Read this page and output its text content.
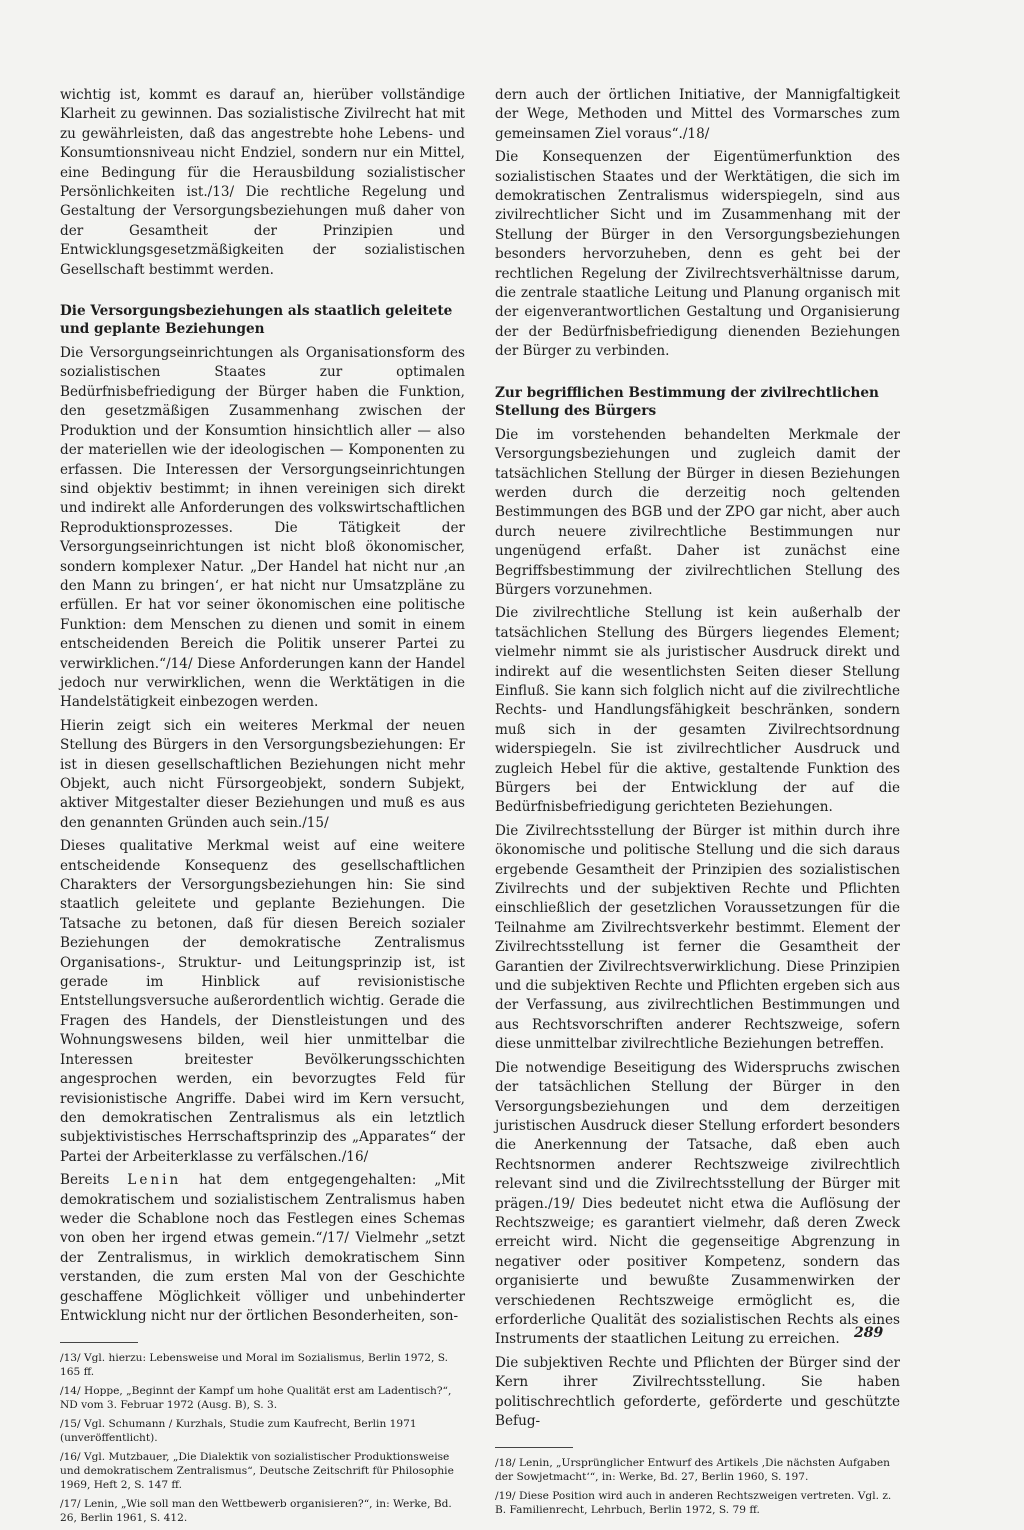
wichtig ist, kommt es darauf an, hierüber vollständige Klarheit zu gewinnen. Das sozialistische Zivilrecht hat mit zu gewährleisten, daß das angestrebte hohe Lebens- und Konsumtionsniveau nicht Endziel, sondern nur ein Mittel, eine Bedingung für die Herausbildung sozialistischer Persönlichkeiten ist./13/ Die rechtliche Regelung und Gestaltung der Versorgungsbeziehungen muß daher von der Gesamtheit der Prinzipien und Entwicklungsgesetzmäßigkeiten der sozialistischen Gesellschaft bestimmt werden.

Die Versorgungsbeziehungen als staatlich geleitete und geplante Beziehungen

Die Versorgungseinrichtungen als Organisationsform des sozialistischen Staates zur optimalen Bedürfnisbefriedigung der Bürger haben die Funktion, den gesetzmäßigen Zusammenhang zwischen der Produktion und der Konsumtion hinsichtlich aller — also der materiellen wie der ideologischen — Komponenten zu erfassen. Die Interessen der Versorgungseinrichtungen sind objektiv bestimmt; in ihnen vereinigen sich direkt und indirekt alle Anforderungen des volkswirtschaftlichen Reproduktionsprozesses. Die Tätigkeit der Versorgungseinrichtungen ist nicht bloß ökonomischer, sondern komplexer Natur. „Der Handel hat nicht nur ‚an den Mann zu bringen‘, er hat nicht nur Umsatzpläne zu erfüllen. Er hat vor seiner ökonomischen eine politische Funktion: dem Menschen zu dienen und somit in einem entscheidenden Bereich die Politik unserer Partei zu verwirklichen.“/14/ Diese Anforderungen kann der Handel jedoch nur verwirklichen, wenn die Werktätigen in die Handelstätigkeit einbezogen werden.

Hierin zeigt sich ein weiteres Merkmal der neuen Stellung des Bürgers in den Versorgungsbeziehungen: Er ist in diesen gesellschaftlichen Beziehungen nicht mehr Objekt, auch nicht Fürsorgeobjekt, sondern Subjekt, aktiver Mitgestalter dieser Beziehungen und muß es aus den genannten Gründen auch sein./15/

Dieses qualitative Merkmal weist auf eine weitere entscheidende Konsequenz des gesellschaftlichen Charakters der Versorgungsbeziehungen hin: Sie sind staatlich geleitete und geplante Beziehungen. Die Tatsache zu betonen, daß für diesen Bereich sozialer Beziehungen der demokratische Zentralismus Organisations-, Struktur- und Leitungsprinzip ist, ist gerade im Hinblick auf revisionistische Entstellungsversuche außerordentlich wichtig. Gerade die Fragen des Handels, der Dienstleistungen und des Wohnungswesens bilden, weil hier unmittelbar die Interessen breitester Bevölkerungsschichten angesprochen werden, ein bevorzugtes Feld für revisionistische Angriffe. Dabei wird im Kern versucht, den demokratischen Zentralismus als ein letztlich subjektivistisches Herrschaftsprinzip des „Apparates“ der Partei der Arbeiterklasse zu verfälschen./16/

Bereits Lenin hat dem entgegengehalten: „Mit demokratischem und sozialistischem Zentralismus haben weder die Schablone noch das Festlegen eines Schemas von oben her irgend etwas gemein.“/17/ Vielmehr „setzt der Zentralismus, in wirklich demokratischem Sinn verstanden, die zum ersten Mal von der Geschichte geschaffene Möglichkeit völliger und unbehinderter Entwicklung nicht nur der örtlichen Besonderheiten, son-

/13/ Vgl. hierzu: Lebensweise und Moral im Sozialismus, Berlin 1972, S. 165 ff.

/14/ Hoppe, „Beginnt der Kampf um hohe Qualität erst am Ladentisch?“, ND vom 3. Februar 1972 (Ausg. B), S. 3.

/15/ Vgl. Schumann / Kurzhals, Studie zum Kaufrecht, Berlin 1971 (unveröffentlicht).

/16/ Vgl. Mutzbauer, „Die Dialektik von sozialistischer Produktionsweise und demokratischem Zentralismus“, Deutsche Zeitschrift für Philosophie 1969, Heft 2, S. 147 ff.

/17/ Lenin, „Wie soll man den Wettbewerb organisieren?“, in: Werke, Bd. 26, Berlin 1961, S. 412.

dern auch der örtlichen Initiative, der Mannigfaltigkeit der Wege, Methoden und Mittel des Vormarsches zum gemeinsamen Ziel voraus“./18/

Die Konsequenzen der Eigentümerfunktion des sozialistischen Staates und der Werktätigen, die sich im demokratischen Zentralismus widerspiegeln, sind aus zivilrechtlicher Sicht und im Zusammenhang mit der Stellung der Bürger in den Versorgungsbeziehungen besonders hervorzuheben, denn es geht bei der rechtlichen Regelung der Zivilrechtsverhältnisse darum, die zentrale staatliche Leitung und Planung organisch mit der eigenverantwortlichen Gestaltung und Organisierung der der Bedürfnisbefriedigung dienenden Beziehungen der Bürger zu verbinden.

Zur begrifflichen Bestimmung der zivilrechtlichen Stellung des Bürgers

Die im vorstehenden behandelten Merkmale der Versorgungsbeziehungen und zugleich damit der tatsächlichen Stellung der Bürger in diesen Beziehungen werden durch die derzeitig noch geltenden Bestimmungen des BGB und der ZPO gar nicht, aber auch durch neuere zivilrechtliche Bestimmungen nur ungenügend erfaßt. Daher ist zunächst eine Begriffsbestimmung der zivilrechtlichen Stellung des Bürgers vorzunehmen.

Die zivilrechtliche Stellung ist kein außerhalb der tatsächlichen Stellung des Bürgers liegendes Element; vielmehr nimmt sie als juristischer Ausdruck direkt und indirekt auf die wesentlichsten Seiten dieser Stellung Einfluß. Sie kann sich folglich nicht auf die zivilrechtliche Rechts- und Handlungsfähigkeit beschränken, sondern muß sich in der gesamten Zivilrechtsordnung widerspiegeln. Sie ist zivilrechtlicher Ausdruck und zugleich Hebel für die aktive, gestaltende Funktion des Bürgers bei der Entwicklung der auf die Bedürfnisbefriedigung gerichteten Beziehungen.

Die Zivilrechtsstellung der Bürger ist mithin durch ihre ökonomische und politische Stellung und die sich daraus ergebende Gesamtheit der Prinzipien des sozialistischen Zivilrechts und der subjektiven Rechte und Pflichten einschließlich der gesetzlichen Voraussetzungen für die Teilnahme am Zivilrechtsverkehr bestimmt. Element der Zivilrechtsstellung ist ferner die Gesamtheit der Garantien der Zivilrechtsverwirklichung. Diese Prinzipien und die subjektiven Rechte und Pflichten ergeben sich aus der Verfassung, aus zivilrechtlichen Bestimmungen und aus Rechtsvorschriften anderer Rechtszweige, sofern diese unmittelbar zivilrechtliche Beziehungen betreffen.

Die notwendige Beseitigung des Widerspruchs zwischen der tatsächlichen Stellung der Bürger in den Versorgungsbeziehungen und dem derzeitigen juristischen Ausdruck dieser Stellung erfordert besonders die Anerkennung der Tatsache, daß eben auch Rechtsnormen anderer Rechtszweige zivilrechtlich relevant sind und die Zivilrechtsstellung der Bürger mit prägen./19/ Dies bedeutet nicht etwa die Auflösung der Rechtszweige; es garantiert vielmehr, daß deren Zweck erreicht wird. Nicht die gegenseitige Abgrenzung in negativer oder positiver Kompetenz, sondern das organisierte und bewußte Zusammenwirken der verschiedenen Rechtszweige ermöglicht es, die erforderliche Qualität des sozialistischen Rechts als eines Instruments der staatlichen Leitung zu erreichen.

Die subjektiven Rechte und Pflichten der Bürger sind der Kern ihrer Zivilrechtsstellung. Sie haben politischrechtlich geforderte, geförderte und geschützte Befug-

/18/ Lenin, „Ursprünglicher Entwurf des Artikels ‚Die nächsten Aufgaben der Sowjetmacht‘“, in: Werke, Bd. 27, Berlin 1960, S. 197.

/19/ Diese Position wird auch in anderen Rechtszweigen vertreten. Vgl. z. B. Familienrecht, Lehrbuch, Berlin 1972, S. 79 ff.

289
